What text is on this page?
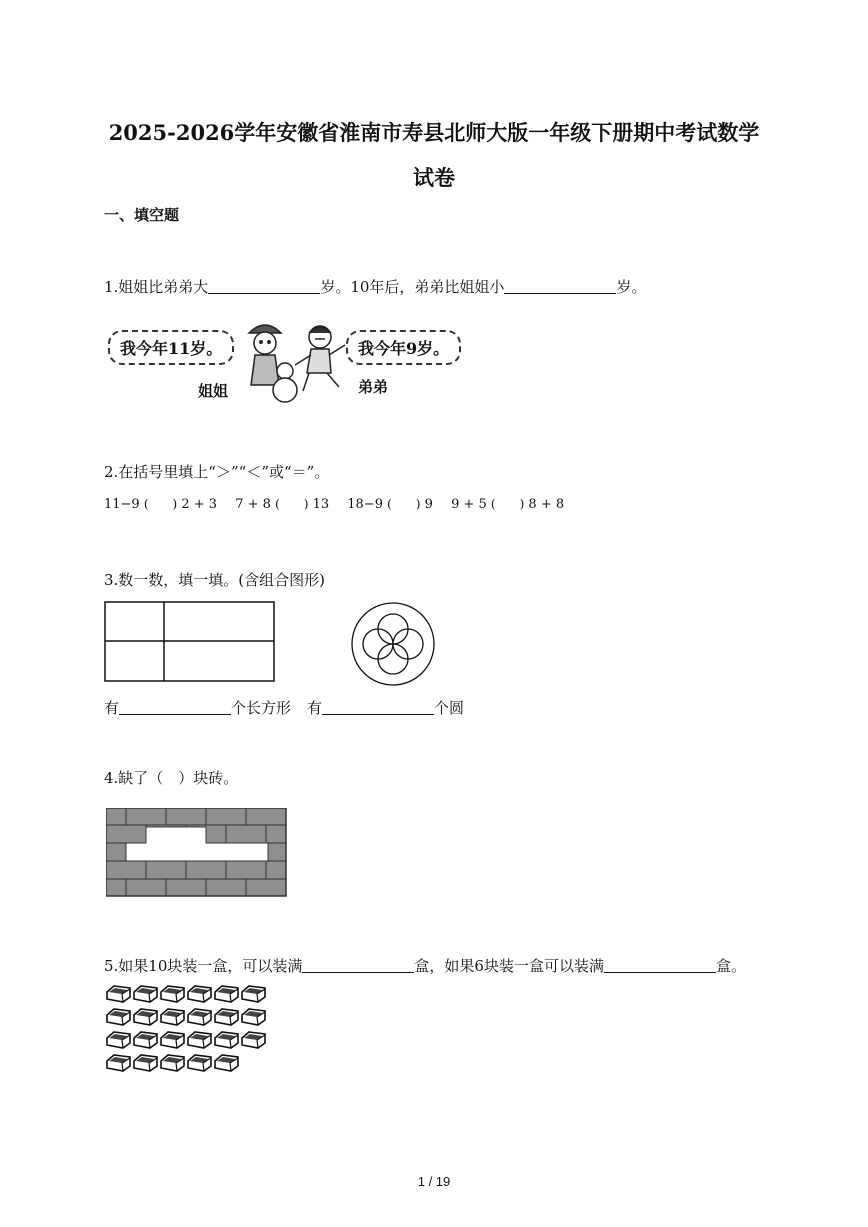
2025-2026学年安徽省淮南市寿县北师大版一年级下册期中考试数学
试卷
一、填空题
1.姐姐比弟弟大	岁。10年后，弟弟比姐姐小	岁。
我今年11岁。	我今年9岁。
姐姐	弟弟
2.在括号里填上“＞”“＜”或“＝”。
11−9 (　　) 2 + 3 7 + 8 (　　) 13 18−9 (　　) 9 9 + 5 (　　) 8 + 8
3.数一数，填一填。(含组合图形)
有	个长方形 有	个圆
4.缺了（　）块砖。
5.如果10块装一盒，可以装满	盒，如果6块装一盒可以装满	盒。
1 / 19
